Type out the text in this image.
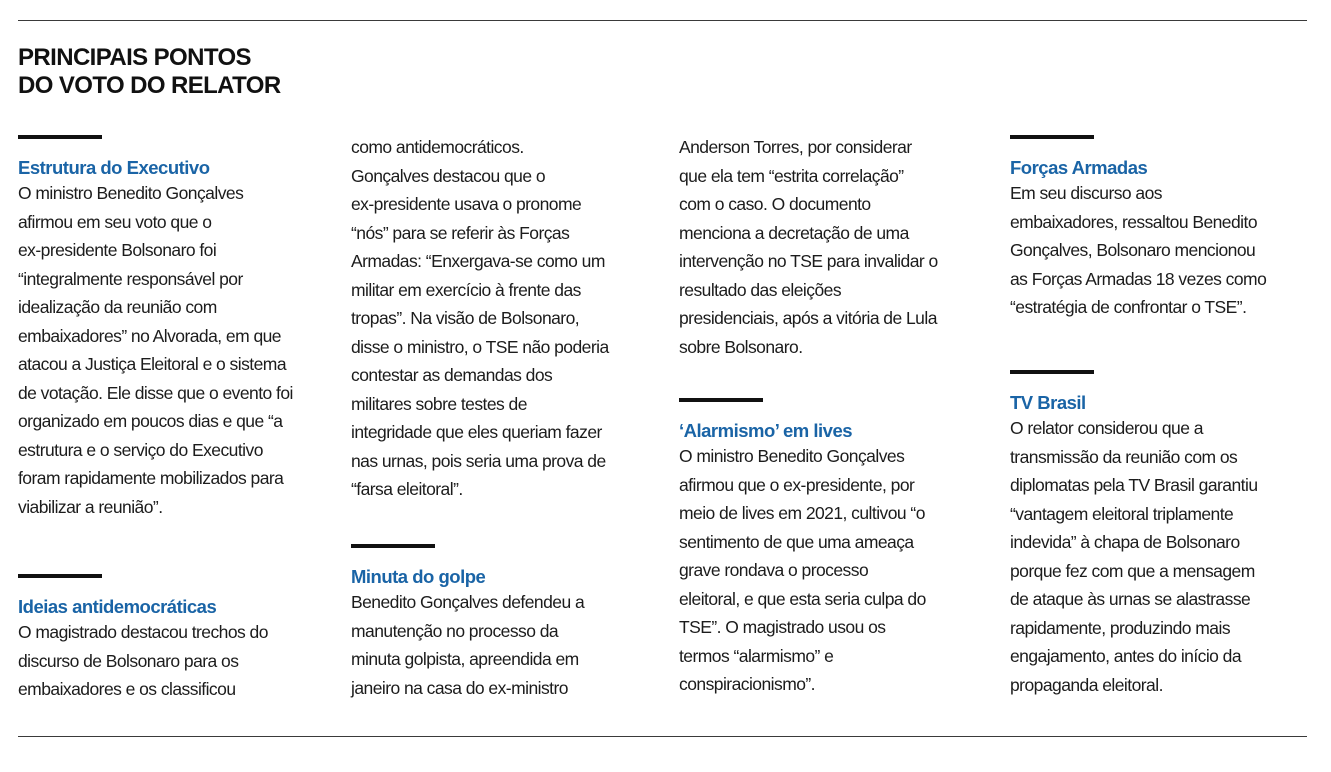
PRINCIPAIS PONTOS
DO VOTO DO RELATOR
Estrutura do Executivo
O ministro Benedito Gonçalves
afirmou em seu voto que o
ex-presidente Bolsonaro foi
“integralmente responsável por
idealização da reunião com
embaixadores” no Alvorada, em que
atacou a Justiça Eleitoral e o sistema
de votação. Ele disse que o evento foi
organizado em poucos dias e que “a
estrutura e o serviço do Executivo
foram rapidamente mobilizados para
viabilizar a reunião”.
Ideias antidemocráticas
O magistrado destacou trechos do
discurso de Bolsonaro para os
embaixadores e os classificou
como antidemocráticos.
Gonçalves destacou que o
ex-presidente usava o pronome
“nós” para se referir às Forças
Armadas: “Enxergava-se como um
militar em exercício à frente das
tropas”. Na visão de Bolsonaro,
disse o ministro, o TSE não poderia
contestar as demandas dos
militares sobre testes de
integridade que eles queriam fazer
nas urnas, pois seria uma prova de
“farsa eleitoral”.
Minuta do golpe
Benedito Gonçalves defendeu a
manutenção no processo da
minuta golpista, apreendida em
janeiro na casa do ex-ministro
Anderson Torres, por considerar
que ela tem “estrita correlação”
com o caso. O documento
menciona a decretação de uma
intervenção no TSE para invalidar o
resultado das eleições
presidenciais, após a vitória de Lula
sobre Bolsonaro.
‘Alarmismo’ em lives
O ministro Benedito Gonçalves
afirmou que o ex-presidente, por
meio de lives em 2021, cultivou “o
sentimento de que uma ameaça
grave rondava o processo
eleitoral, e que esta seria culpa do
TSE”. O magistrado usou os
termos “alarmismo” e
conspiracionismo”.
Forças Armadas
Em seu discurso aos
embaixadores, ressaltou Benedito
Gonçalves, Bolsonaro mencionou
as Forças Armadas 18 vezes como
“estratégia de confrontar o TSE”.
TV Brasil
O relator considerou que a
transmissão da reunião com os
diplomatas pela TV Brasil garantiu
“vantagem eleitoral triplamente
indevida” à chapa de Bolsonaro
porque fez com que a mensagem
de ataque às urnas se alastrasse
rapidamente, produzindo mais
engajamento, antes do início da
propaganda eleitoral.
